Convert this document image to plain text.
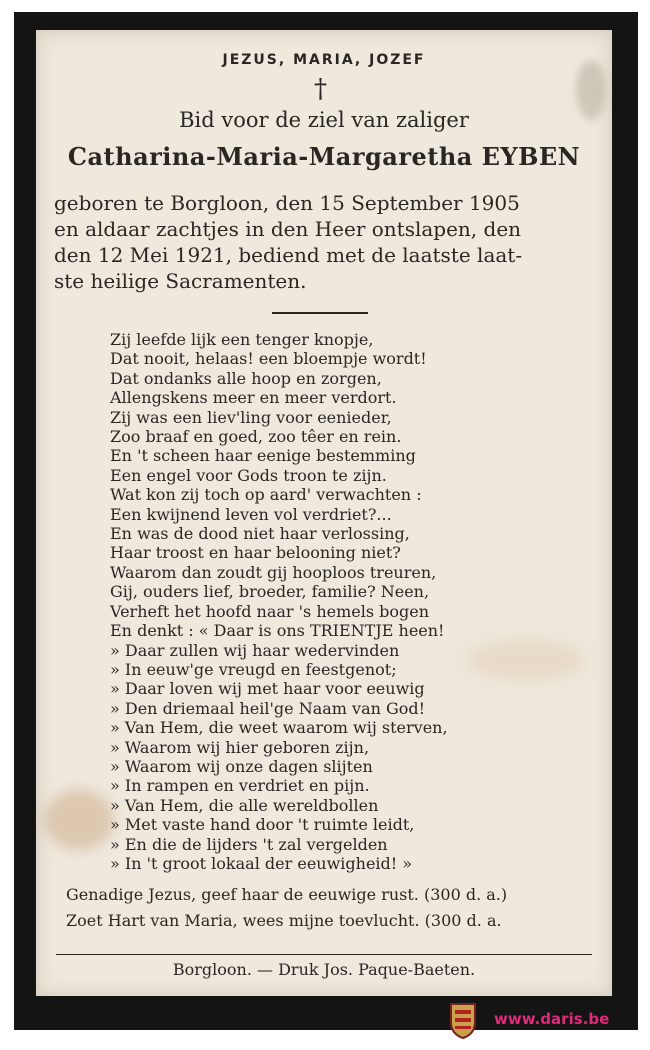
JEZUS, MARIA, JOZEF
†
Bid voor de ziel van zaliger
Catharina-Maria-Margaretha EYBEN
geboren te Borgloon, den 15 September 1905
en aldaar zachtjes in den Heer ontslapen, den
den 12 Mei 1921, bediend met de laatste laat-
ste heilige Sacramenten.
Zij leefde lijk een tenger knopje,
Dat nooit, helaas! een bloempje wordt!
Dat ondanks alle hoop en zorgen,
Allengskens meer en meer verdort.
Zij was een liev'ling voor eenieder,
Zoo braaf en goed, zoo têer en rein.
En 't scheen haar eenige bestemming
Een engel voor Gods troon te zijn.
Wat kon zij toch op aard' verwachten :
Een kwijnend leven vol verdriet?...
En was de dood niet haar verlossing,
Haar troost en haar belooning niet?
Waarom dan zoudt gij hooploos treuren,
Gij, ouders lief, broeder, familie? Neen,
Verheft het hoofd naar 's hemels bogen
En denkt : « Daar is ons TRIENTJE heen!
» Daar zullen wij haar wedervinden
» In eeuw'ge vreugd en feestgenot;
» Daar loven wij met haar voor eeuwig
» Den driemaal heil'ge Naam van God!
» Van Hem, die weet waarom wij sterven,
» Waarom wij hier geboren zijn,
» Waarom wij onze dagen slijten
» In rampen en verdriet en pijn.
» Van Hem, die alle wereldbollen
» Met vaste hand door 't ruimte leidt,
» En die de lijders 't zal vergelden
» In 't groot lokaal der eeuwigheid! »
Genadige Jezus, geef haar de eeuwige rust. (300 d. a.)
Zoet Hart van Maria, wees mijne toevlucht. (300 d. a.
Borgloon. — Druk Jos. Paque-Baeten.
www.daris.be
